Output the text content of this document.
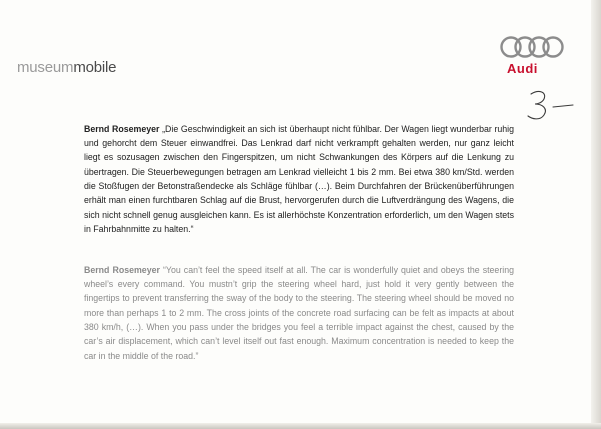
museummobile	Audi

Bernd Rosemeyer „Die Geschwindigkeit an sich ist überhaupt nicht fühlbar. Der Wagen liegt wunderbar ruhig und gehorcht dem Steuer einwandfrei. Das Lenkrad darf nicht verkrampft gehalten werden, nur ganz leicht liegt es sozusagen zwischen den Fingerspitzen, um nicht Schwankungen des Körpers auf die Lenkung zu übertragen. Die Steuerbewegungen betragen am Lenkrad vielleicht 1 bis 2 mm. Bei etwa 380 km/Std. werden die Stoßfugen der Betonstraßendecke als Schläge fühlbar (…). Beim Durchfahren der Brückenüberführungen erhält man einen furchtbaren Schlag auf die Brust, hervorgerufen durch die Luftverdrängung des Wagens, die sich nicht schnell genug ausgleichen kann. Es ist allerhöchste Konzentration erforderlich, um den Wagen stets in Fahrbahnmitte zu halten.“

Bernd Rosemeyer “You can’t feel the speed itself at all. The car is wonderfully quiet and obeys the steering wheel’s every command. You mustn’t grip the steering wheel hard, just hold it very gently between the fingertips to prevent transferring the sway of the body to the steering. The steering wheel should be moved no more than perhaps 1 to 2 mm. The cross joints of the concrete road surfacing can be felt as impacts at about 380 km/h, (…). When you pass under the bridges you feel a terrible impact against the chest, caused by the car’s air displacement, which can’t level itself out fast enough. Maximum concentration is needed to keep the car in the middle of the road.”
